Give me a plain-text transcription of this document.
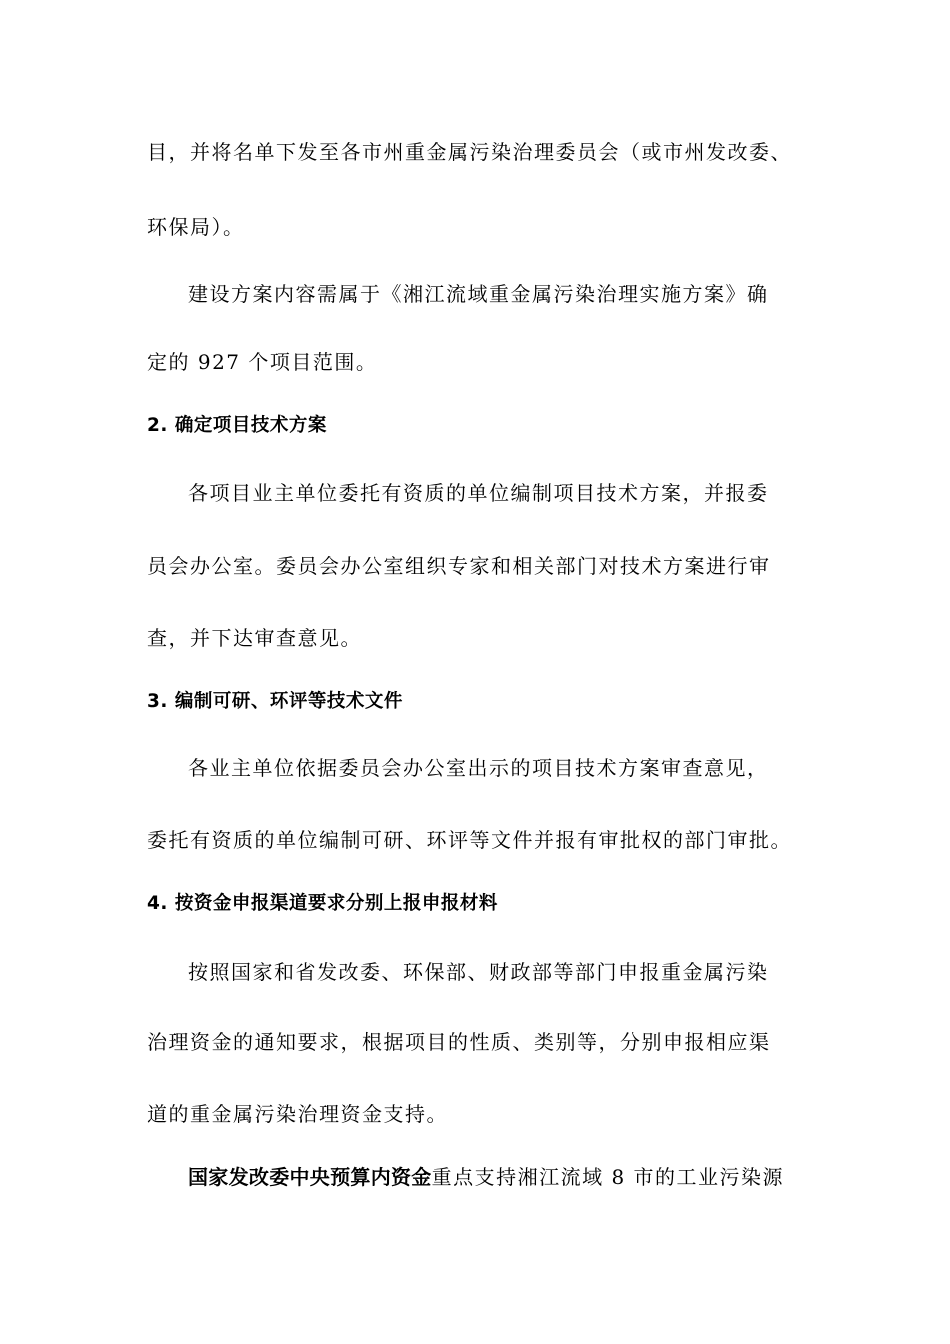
目，并将名单下发至各市州重金属污染治理委员会（或市州发改委、
环保局）。
建设方案内容需属于《湘江流域重金属污染治理实施方案》确
定的 927 个项目范围。
2. 确定项目技术方案
各项目业主单位委托有资质的单位编制项目技术方案，并报委
员会办公室。委员会办公室组织专家和相关部门对技术方案进行审
查，并下达审查意见。
3. 编制可研、环评等技术文件
各业主单位依据委员会办公室出示的项目技术方案审查意见，
委托有资质的单位编制可研、环评等文件并报有审批权的部门审批。
4. 按资金申报渠道要求分别上报申报材料
按照国家和省发改委、环保部、财政部等部门申报重金属污染
治理资金的通知要求，根据项目的性质、类别等，分别申报相应渠
道的重金属污染治理资金支持。
国家发改委中央预算内资金重点支持湘江流域 8 市的工业污染源
